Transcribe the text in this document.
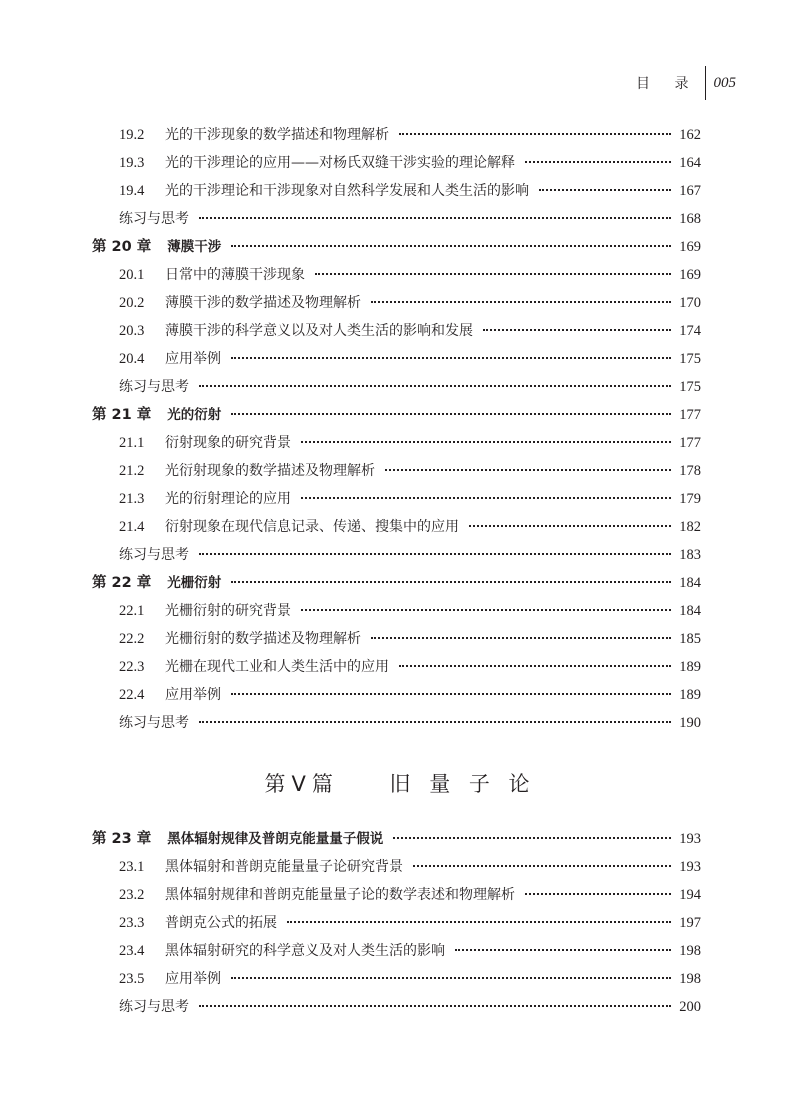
目 录 005
19.2	光的干涉现象的数学描述和物理解析	162
19.3	光的干涉理论的应用——对杨氏双缝干涉实验的理论解释	164
19.4	光的干涉理论和干涉现象对自然科学发展和人类生活的影响	167
练习与思考	168
第 20 章 薄膜干涉	169
20.1	日常中的薄膜干涉现象	169
20.2	薄膜干涉的数学描述及物理解析	170
20.3	薄膜干涉的科学意义以及对人类生活的影响和发展	174
20.4	应用举例	175
练习与思考	175
第 21 章 光的衍射	177
21.1	衍射现象的研究背景	177
21.2	光衍射现象的数学描述及物理解析	178
21.3	光的衍射理论的应用	179
21.4	衍射现象在现代信息记录、传递、搜集中的应用	182
练习与思考	183
第 22 章 光栅衍射	184
22.1	光栅衍射的研究背景	184
22.2	光栅衍射的数学描述及物理解析	185
22.3	光栅在现代工业和人类生活中的应用	189
22.4	应用举例	189
练习与思考	190
第 23 章 黑体辐射规律及普朗克能量量子假说	193
23.1	黑体辐射和普朗克能量量子论研究背景	193
23.2	黑体辐射规律和普朗克能量量子论的数学表述和物理解析	194
23.3	普朗克公式的拓展	197
23.4	黑体辐射研究的科学意义及对人类生活的影响	198
23.5	应用举例	198
练习与思考	200
第Ⅴ篇    旧 量 子 论
